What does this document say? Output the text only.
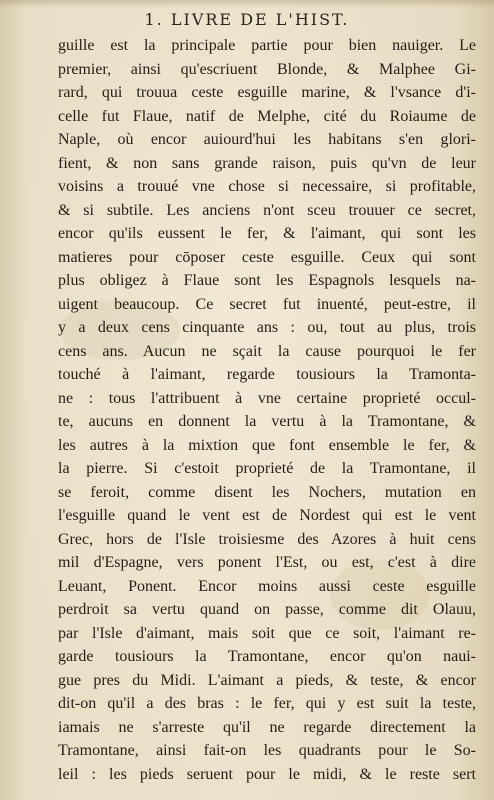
1. LIVRE DE L'HIST.
guille est la principale partie pour bien nauiger. Le
premier, ainsi qu'escriuent Blonde, & Malphee Gi-
rard, qui trouua ceste esguille marine, & l'vsance d'i-
celle fut Flaue, natif de Melphe, cité du Roiaume de
Naple, où encor auiourd'hui les habitans s'en glori-
fient, & non sans grande raison, puis qu'vn de leur
voisins a trouué vne chose si necessaire, si profitable,
& si subtile. Les anciens n'ont sceu trouuer ce secret,
encor qu'ils eussent le fer, & l'aimant, qui sont les
matieres pour cōposer ceste esguille. Ceux qui sont
plus obligez à Flaue sont les Espagnols lesquels na-
uigent beaucoup. Ce secret fut inuenté, peut-estre, il
y a deux cens cinquante ans : ou, tout au plus, trois
cens ans. Aucun ne sçait la cause pourquoi le fer
touché à l'aimant, regarde tousiours la Tramonta-
ne : tous l'attribuent à vne certaine proprieté occul-
te, aucuns en donnent la vertu à la Tramontane, &
les autres à la mixtion que font ensemble le fer, &
la pierre. Si c'estoit proprieté de la Tramontane, il
se feroit, comme disent les Nochers, mutation en
l'esguille quand le vent est de Nordest qui est le vent
Grec, hors de l'Isle troisiesme des Azores à huit cens
mil d'Espagne, vers ponent l'Est, ou est, c'est à dire
Leuant, Ponent. Encor moins aussi ceste esguille
perdroit sa vertu quand on passe, comme dit Olauu,
par l'Isle d'aimant, mais soit que ce soit, l'aimant re-
garde tousiours la Tramontane, encor qu'on naui-
gue pres du Midi. L'aimant a pieds, & teste, & encor
dit-on qu'il a des bras : le fer, qui y est suit la teste,
iamais ne s'arreste qu'il ne regarde directement la
Tramontane, ainsi fait-on les quadrants pour le So-
leil : les pieds seruent pour le midi, & le reste sert
